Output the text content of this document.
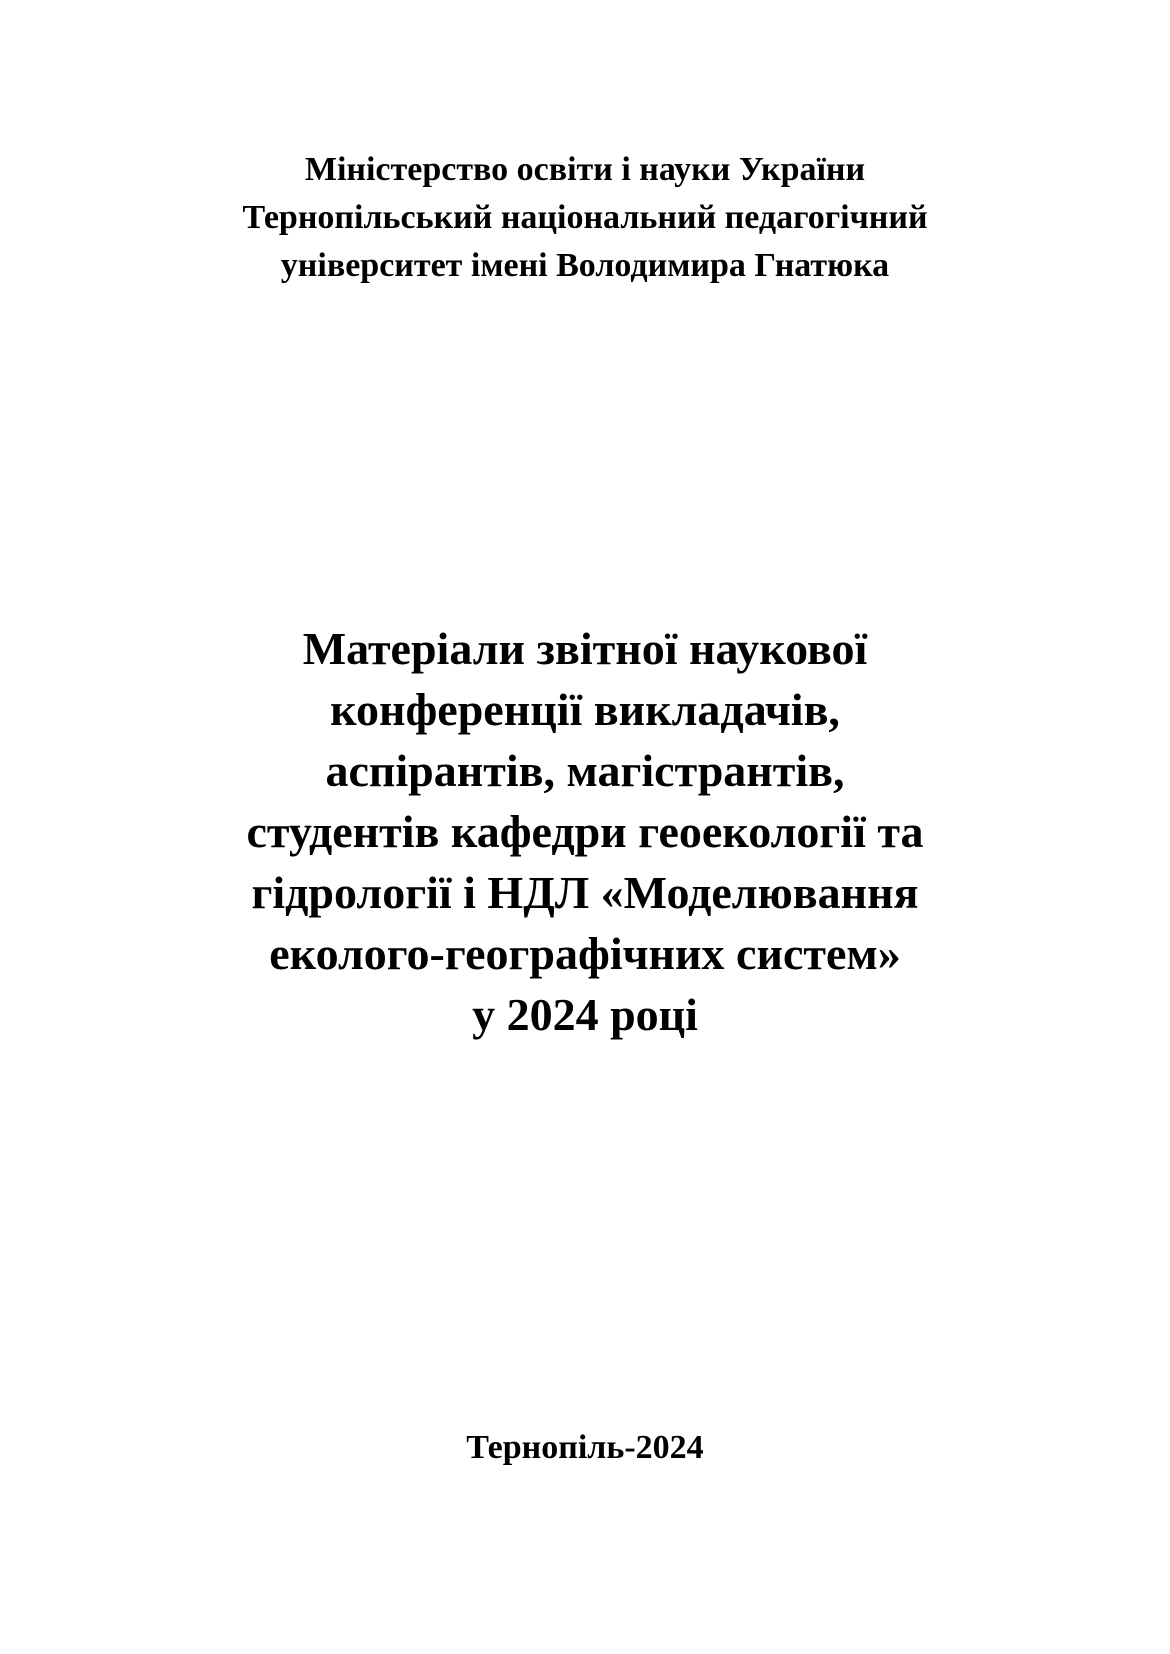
Міністерство освіти і науки України
Тернопільський національний педагогічний
університет імені Володимира Гнатюка
Матеріали звітної наукової
конференції викладачів,
аспірантів, магістрантів,
студентів кафедри геоекології та
гідрології і НДЛ «Моделювання
еколого-географічних систем»
у 2024 році
Тернопіль-2024
